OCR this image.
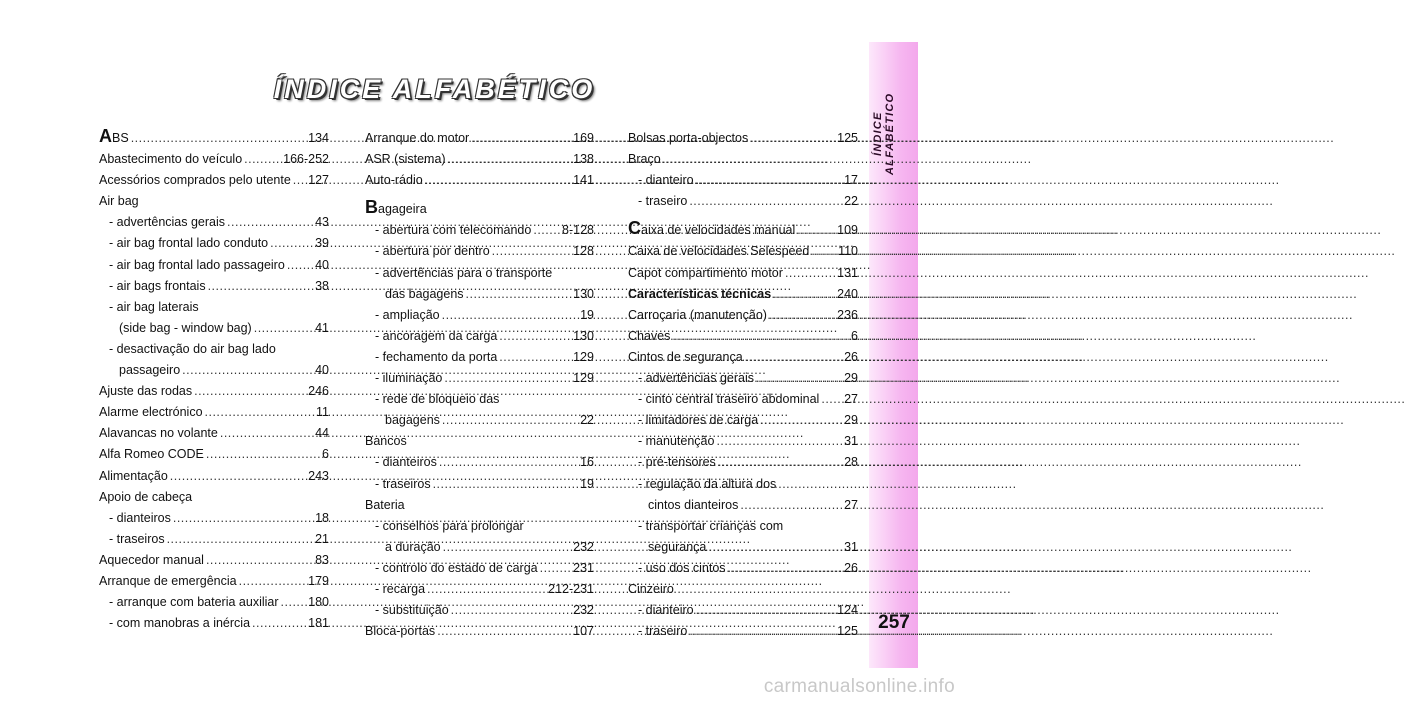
ÍNDICE ALFABÉTICO
257
ÍNDICE ALFABÉTICO
ABS .....	134
Abastecimento do veículo .....	166-252
Acessórios comprados pelo utente ..... 127
Air bag
- advertências gerais .....	43
- air bag frontal lado conduto .....	39
- air bag frontal lado passageiro ..... 40
- air bags frontais .....	38
- air bag laterais
(side bag - window bag) .....	41
- desactivação do air bag lado
passageiro .....	40
Ajuste das rodas .....	246
Alarme electrónico .....	11
Alavancas no volante .....	44
Alfa Romeo CODE .....	6
Alimentação .....	243
Apoio de cabeça
- dianteiros .....	18
- traseiros .....	21
Aquecedor manual .....	83
Arranque de emergência .....	179
- arranque com bateria auxiliar ..... 180
- com manobras a inércia .....	181
Arranque do motor .....	169
ASR (sistema) .....	138
Auto-rádio .....	141
Bagageira
- abertura com telecomando ..... 8-128
- abertura por dentro .....	128
- advertências para o transporte
das bagagens .....	130
- ampliação .....	19
- ancoragem da carga .....	130
- fechamento da porta .....	129
- iluminação .....	129
- rede de bloqueio das
bagagens .....	22
Bancos
- dianteiros .....	16
- traseiros .....	19
Bateria
- conselhos para prolongar
a duração .....	232
- controlo do estado de carga .....	231
- recarga .....	212-231
- substituição .....	232
Bloca-portas .....	107
Bolsas porta-objectos .....	125
Braço
- dianteiro .....	17
- traseiro .....	22
Caixa de velocidades manual .....	109
Caixa de velocidades Selespeed ..... 110
Capot compartimento motor .....	131
Características técnicas .....	240
Carroçaria (manutenção) .....	236
Chaves .....	6
Cintos de segurança .....	26
- advertências gerais .....	29
- cinto central traseiro abdominal ..... 27
- limitadores de carga .....	29
- manutenção .....	31
- pré-tensores .....	28
- regulação da altura dos
cintos dianteiros .....	27
- transportar crianças com
segurança .....	31
- uso dos cintos .....	26
Cinzeiro
- dianteiro .....	124
- traseiro .....	125
carmanualsonline.info
